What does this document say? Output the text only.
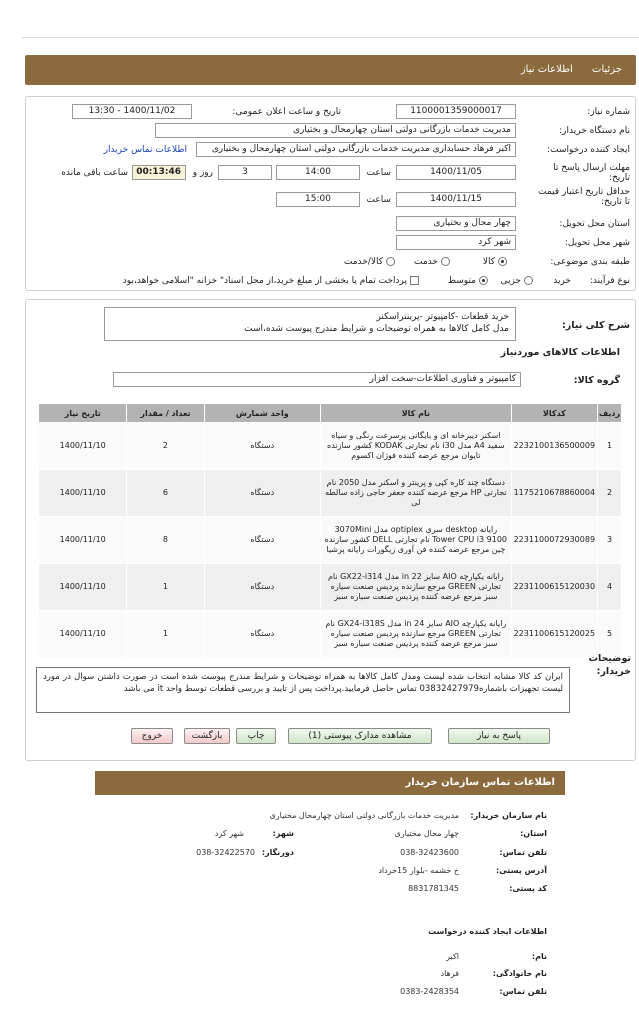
جزئیات اطلاعات نیاز
شماره نیاز:
1100001359000017
تاریخ و ساعت اعلان عمومی:
1400/11/02 - 13:30
نام دستگاه خریدار:
مدیریت خدمات بازرگانی دولتی استان چهارمحال و بختیاری
ایجاد کننده درخواست:
اکبر فرهاد حسابداری مدیریت خدمات بازرگانی دولتی استان چهارمحال و بختیاری
اطلاعات تماس خریدار
مهلت ارسال پاسخ تا تاریخ:
1400/11/05
ساعت
14:00
3
روز و
00:13:46
ساعت باقی مانده
حداقل تاریخ اعتبار قیمت تا تاریخ:
1400/11/15
ساعت
15:00
استان محل تحویل:
چهار محال و بختیاری
شهر محل تحویل:
شهر کرد
طبقه بندی موضوعی:
کالا
خدمت
کالا/خدمت
نوع فرآیند:
خرید
جزیی
متوسط
پرداخت تمام یا بخشی از مبلغ خرید،از محل اسناد" خزانه "اسلامی خواهد،بود
شرح کلی نیاز:
خرید قطعات -کامپیوتر -پرینتراسکنر
مدل کامل کالاها به همراه توضیحات و شرایط مندرج پیوست شده،است
اطلاعات کالاهای موردنیاز
گروه کالا:
کامپیوتر و فناوری اطلاعات-سخت افزار
ردیف	کدکالا	نام کالا	واحد شمارش	تعداد / مقدار	تاریخ نیاز
1	2232100136500009	اسکنر دیبرخانه ای و بایگانی پرسرعت رنگی و سیاه سفید A4 مدل i30 نام تجارتی KODAK کشور سازنده تایوان مرجع عرضه کننده فوژان اکسوم	دستگاه	2	1400/11/10
2	1175210678860004	دستگاه چند کاره کپی و پرینتر و اسکنر مدل 2050 نام تجارتی HP مرجع عرضه کننده جعفر حاجی زاده سالطه لی	دستگاه	6	1400/11/10
3	2231100072930089	رایانه desktop سری optiplex مدل 3070Mini Tower CPU i3 9100 نام تجارتی DELL کشور سازنده چین مرجع عرضه کننده فن آوری زیگورات رایانه پرشیا	دستگاه	8	1400/11/10
4	2231100615120030	رایانه یکپارچه AIO سایز 22 in مدل GX22-i314 نام تجارتی GREEN مرجع سازنده پردیس صنعت سیاره سبز مرجع عرضه کننده پردیس صنعت سیاره سبز	دستگاه	1	1400/11/10
5	2231100615120025	رایانه یکپارچه AIO سایز 24 in مدل GX24-i318S نام تجارتی GREEN مرجع سازنده پردیس صنعت سیاره سبز مرجع عرضه کننده پردیس صنعت سیاره سبز	دستگاه	1	1400/11/10
توضیحات خریدار:
ایران کد کالا مشابه انتخاب شده لیست ومدل کامل کالاها به همراه توضیحات و شرایط مندرج پیوست شده است در صورت داشتن سوال در مورد لیست تجهیزات باشماره03832427979 تماس حاصل فرمایید.پرداخت پس از تایید و بررسی قطعات توسط واحد it می باشد
پاسخ به نیاز
مشاهده مدارک پیوستی (1)
چاپ
بازگشت
خروج
اطلاعات تماس سازمان خریدار
نام سازمان خریدار:
مدیریت خدمات بازرگانی دولتی استان چهارمحال مختیاری
استان:
چهار محال مختیاری
شهر:
شهر کرد
تلفن تماس:
038-32423600
دورنگار:
038-32422570
آدرس پستی:
خ خشمه -بلوار 15خرداد
کد پستی:
8831781345
اطلاعات ایجاد کننده درخواست
نام:
اکبر
نام خانوادگی:
فرهاد
تلفن تماس:
0383-2428354
